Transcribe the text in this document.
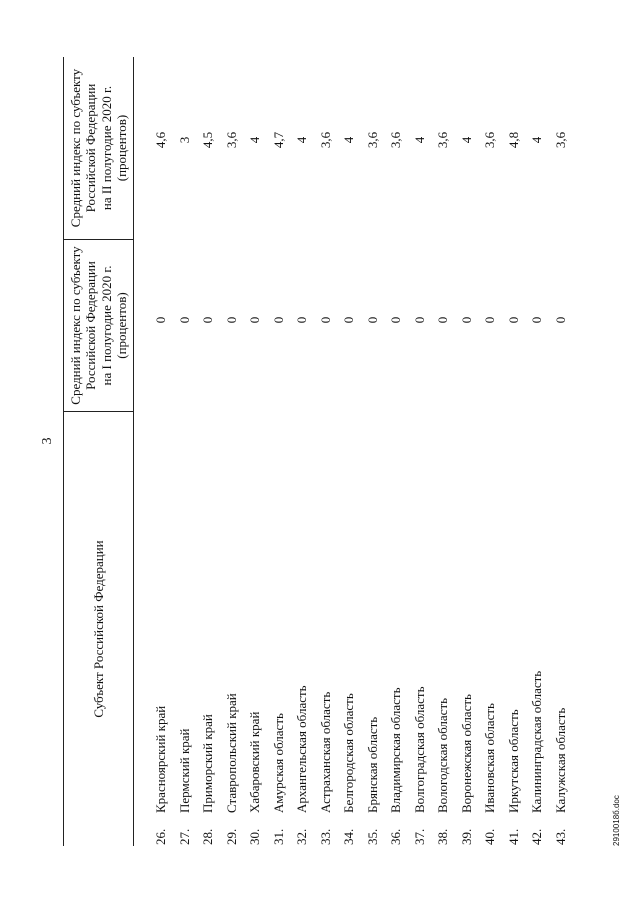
3
Субъект Российской Федерации
Средний индекс по субъекту Российской Федерации на I полугодие 2020 г. (процентов)
Средний индекс по субъекту Российской Федерации на II полугодие 2020 г. (процентов)
26.
Красноярский край
0
4,6
27.
Пермский край
0
3
28.
Приморский край
0
4,5
29.
Ставропольский край
0
3,6
30.
Хабаровский край
0
4
31.
Амурская область
0
4,7
32.
Архангельская область
0
4
33.
Астраханская область
0
3,6
34.
Белгородская область
0
4
35.
Брянская область
0
3,6
36.
Владимирская область
0
3,6
37.
Волгоградская область
0
4
38.
Вологодская область
0
3,6
39.
Воронежская область
0
4
40.
Ивановская область
0
3,6
41.
Иркутская область
0
4,8
42.
Калининградская область
0
4
43.
Калужская область
0
3,6
2910018б.doc
